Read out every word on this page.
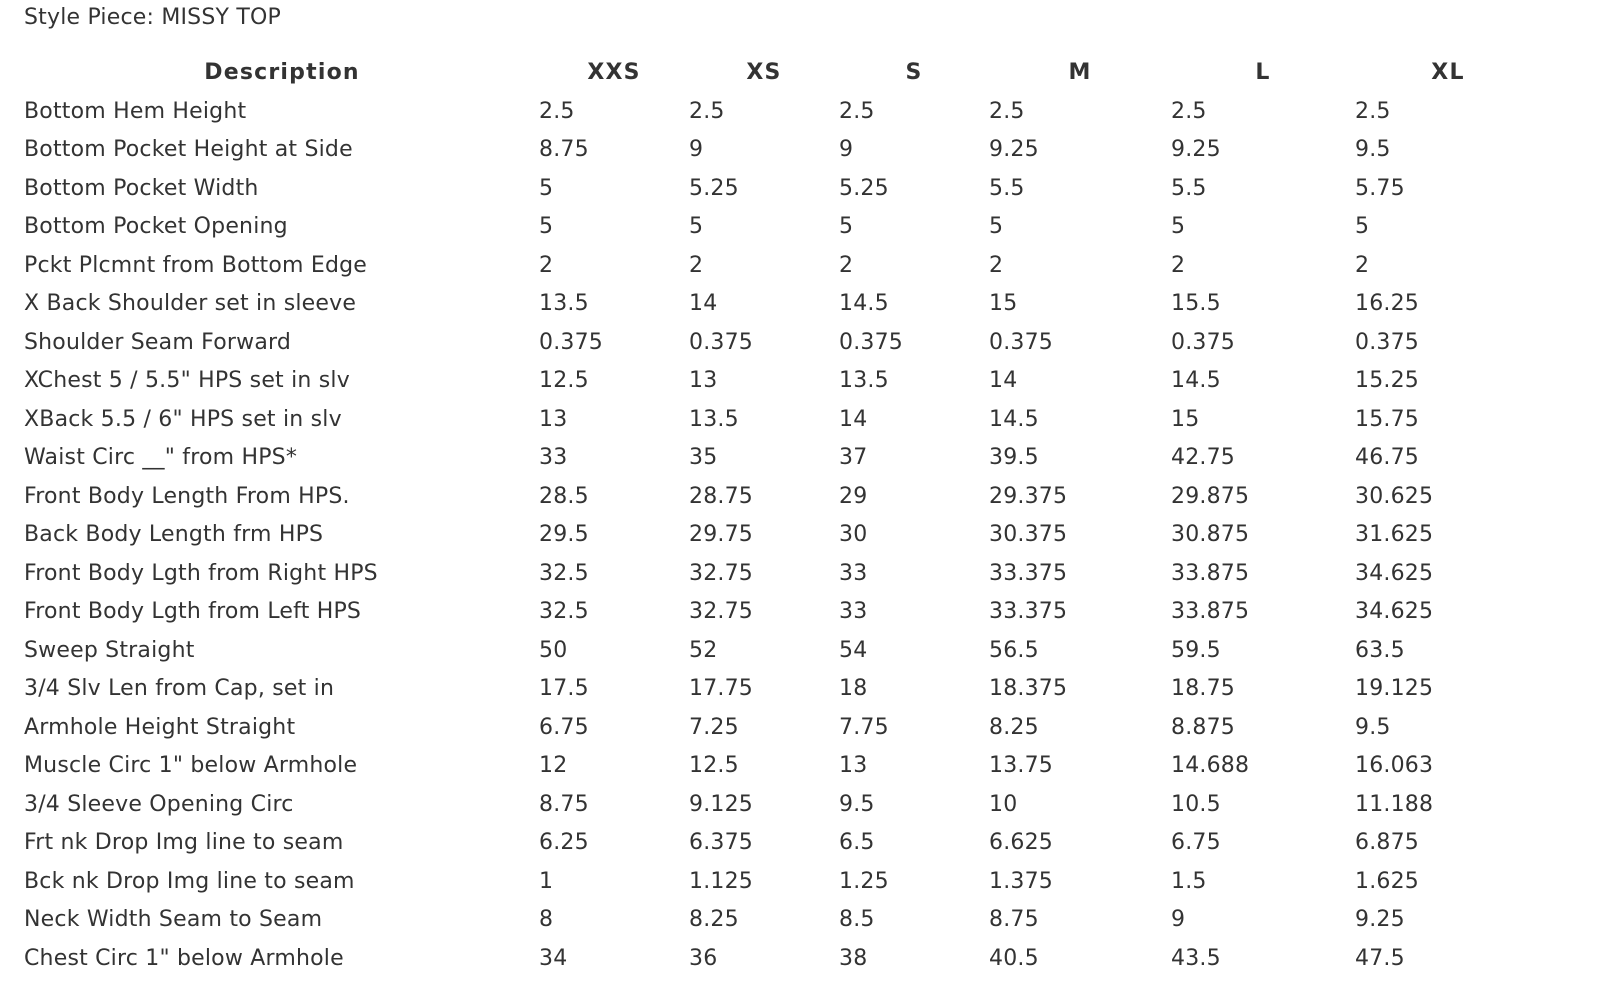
Style Piece: MISSY TOP
Description	XXS	XS	S	M	L	XL
Bottom Hem Height	2.5	2.5	2.5	2.5	2.5	2.5
Bottom Pocket Height at Side	8.75	9	9	9.25	9.25	9.5
Bottom Pocket Width	5	5.25	5.25	5.5	5.5	5.75
Bottom Pocket Opening	5	5	5	5	5	5
Pckt Plcmnt from Bottom Edge	2	2	2	2	2	2
X Back Shoulder set in sleeve	13.5	14	14.5	15	15.5	16.25
Shoulder Seam Forward	0.375	0.375	0.375	0.375	0.375	0.375
XChest 5 / 5.5" HPS set in slv	12.5	13	13.5	14	14.5	15.25
XBack 5.5 / 6" HPS set in slv	13	13.5	14	14.5	15	15.75
Waist Circ __" from HPS*	33	35	37	39.5	42.75	46.75
Front Body Length From HPS.	28.5	28.75	29	29.375	29.875	30.625
Back Body Length frm HPS	29.5	29.75	30	30.375	30.875	31.625
Front Body Lgth from Right HPS	32.5	32.75	33	33.375	33.875	34.625
Front Body Lgth from Left HPS	32.5	32.75	33	33.375	33.875	34.625
Sweep Straight	50	52	54	56.5	59.5	63.5
3/4 Slv Len from Cap, set in	17.5	17.75	18	18.375	18.75	19.125
Armhole Height Straight	6.75	7.25	7.75	8.25	8.875	9.5
Muscle Circ 1" below Armhole	12	12.5	13	13.75	14.688	16.063
3/4 Sleeve Opening Circ	8.75	9.125	9.5	10	10.5	11.188
Frt nk Drop Img line to seam	6.25	6.375	6.5	6.625	6.75	6.875
Bck nk Drop Img line to seam	1	1.125	1.25	1.375	1.5	1.625
Neck Width Seam to Seam	8	8.25	8.5	8.75	9	9.25
Chest Circ 1" below Armhole	34	36	38	40.5	43.5	47.5
